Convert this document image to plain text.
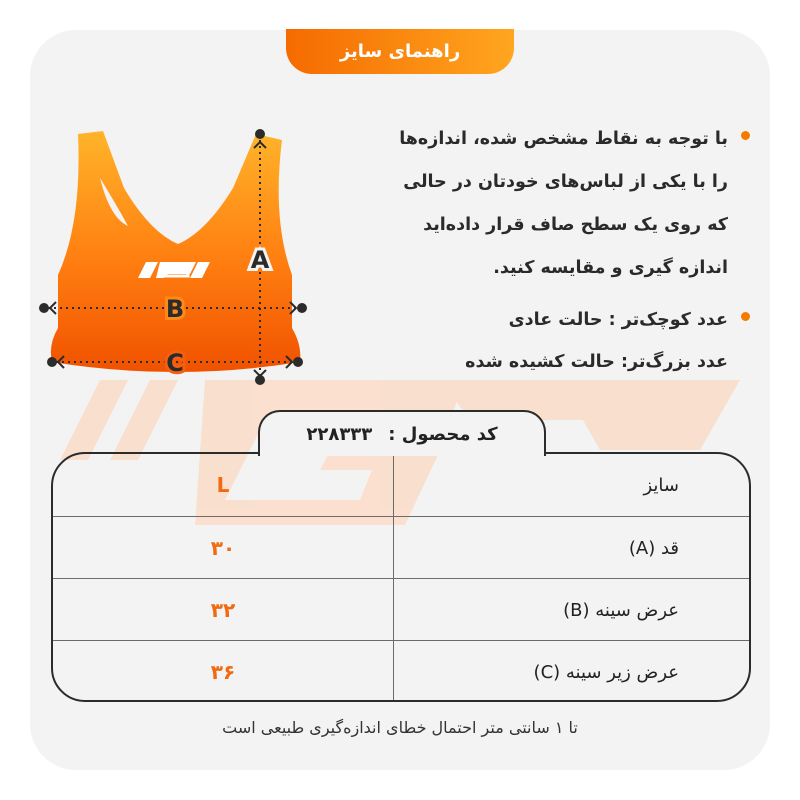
راهنمای سایز

با توجه به نقاط مشخص شده، اندازه‌ها

را با یکی از لباس‌های خودتان در حالی

که روی یک سطح صاف قرار داده‌اید

اندازه گیری و مقایسه کنید.

عدد کوچک‌تر : حالت عادی

عدد بزرگ‌تر: حالت کشیده شده

A
B
C
کد محصول :
۲۲۸۳۳۳
سایز
L
قد (A)
۳۰
عرض سینه (B)
۳۲
عرض زیر سینه (C)
۳۶
تا ۱ سانتی متر احتمال خطای اندازه‌گیری طبیعی است
